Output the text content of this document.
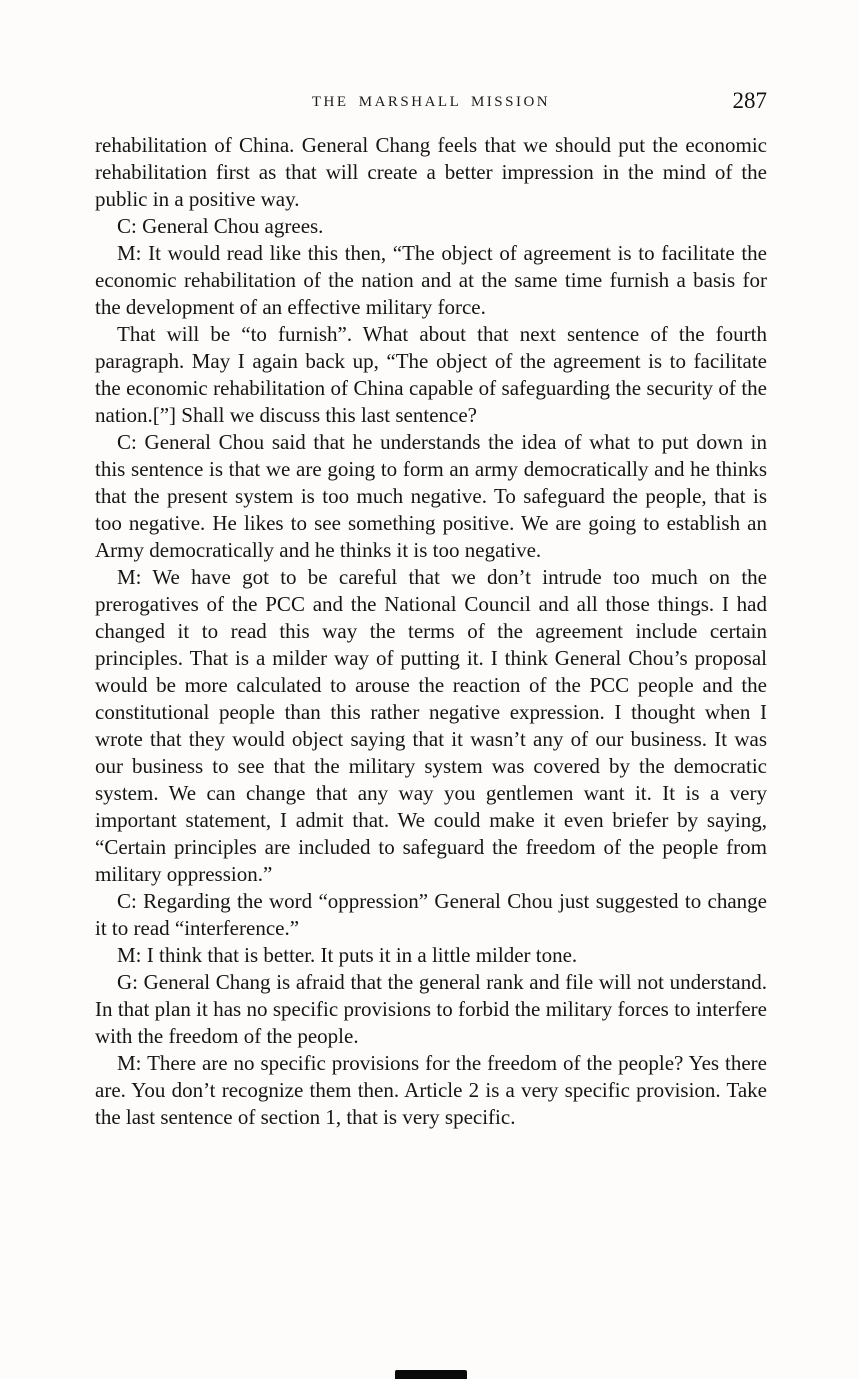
THE MARSHALL MISSION	287

rehabilitation of China. General Chang feels that we should put the economic rehabilitation first as that will create a better impression in the mind of the public in a positive way.

C: General Chou agrees.

M: It would read like this then, “The object of agreement is to facilitate the economic rehabilitation of the nation and at the same time furnish a basis for the development of an effective military force.

That will be “to furnish”. What about that next sentence of the fourth paragraph. May I again back up, “The object of the agreement is to facilitate the economic rehabilitation of China capable of safeguarding the security of the nation.[”] Shall we discuss this last sentence?

C: General Chou said that he understands the idea of what to put down in this sentence is that we are going to form an army democratically and he thinks that the present system is too much negative. To safeguard the people, that is too negative. He likes to see something positive. We are going to establish an Army democratically and he thinks it is too negative.

M: We have got to be careful that we don’t intrude too much on the prerogatives of the PCC and the National Council and all those things. I had changed it to read this way the terms of the agreement include certain principles. That is a milder way of putting it. I think General Chou’s proposal would be more calculated to arouse the reaction of the PCC people and the constitutional people than this rather negative expression. I thought when I wrote that they would object saying that it wasn’t any of our business. It was our business to see that the military system was covered by the democratic system. We can change that any way you gentlemen want it. It is a very important statement, I admit that. We could make it even briefer by saying, “Certain principles are included to safeguard the freedom of the people from military oppression.”

C: Regarding the word “oppression” General Chou just suggested to change it to read “interference.”

M: I think that is better. It puts it in a little milder tone.

G: General Chang is afraid that the general rank and file will not understand. In that plan it has no specific provisions to forbid the military forces to interfere with the freedom of the people.

M: There are no specific provisions for the freedom of the people? Yes there are. You don’t recognize them then. Article 2 is a very specific provision. Take the last sentence of section 1, that is very specific.
